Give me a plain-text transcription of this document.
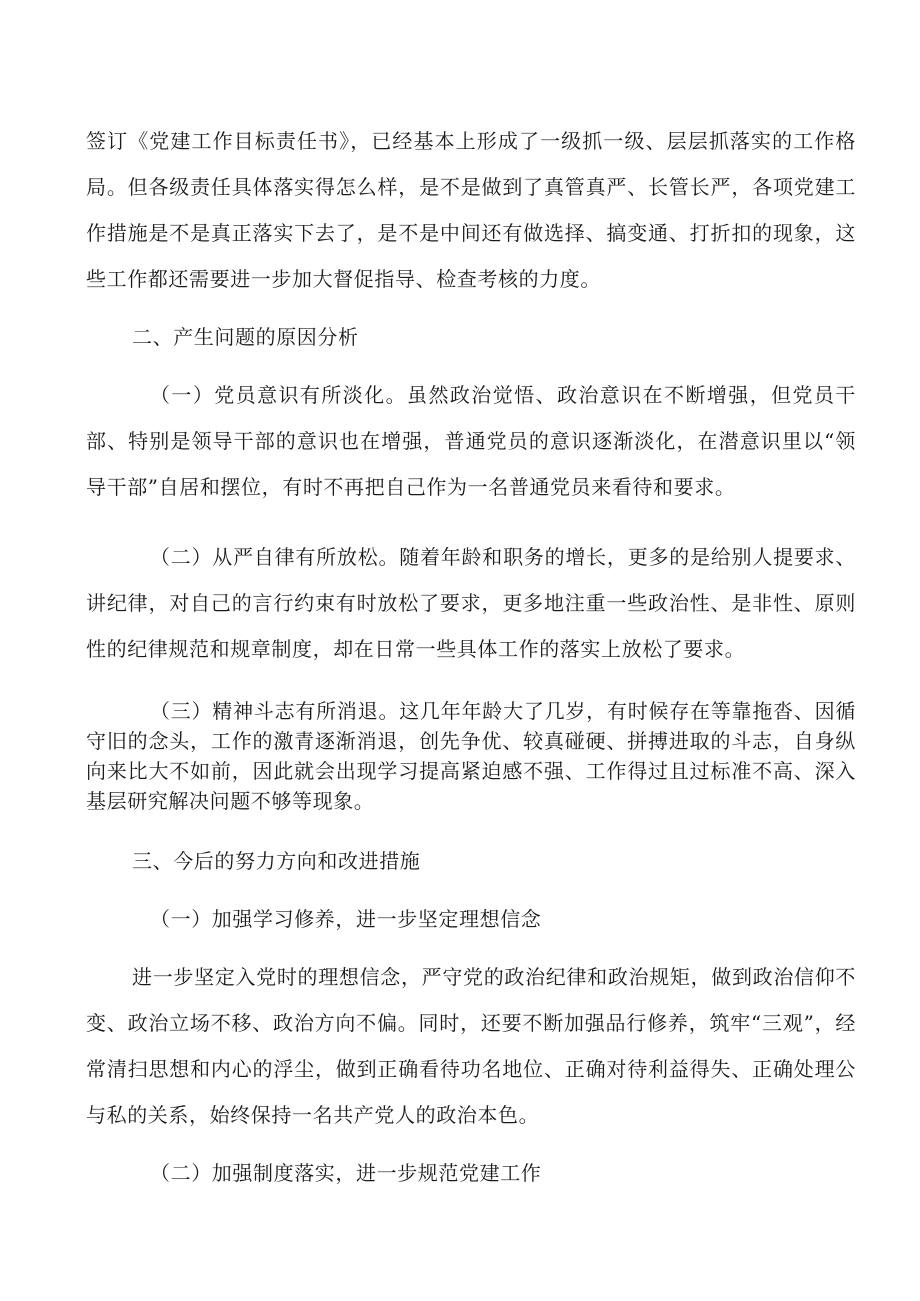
签订《党建工作目标责任书》，已经基本上形成了一级抓一级、层层抓落实的工作格局。但各级责任具体落实得怎么样，是不是做到了真管真严、长管长严，各项党建工作措施是不是真正落实下去了，是不是中间还有做选择、搞变通、打折扣的现象，这些工作都还需要进一步加大督促指导、检查考核的力度。

二、产生问题的原因分析

（一）党员意识有所淡化。虽然政治觉悟、政治意识在不断增强，但党员干部、特别是领导干部的意识也在增强，普通党员的意识逐渐淡化，在潜意识里以“领导干部”自居和摆位，有时不再把自己作为一名普通党员来看待和要求。

（二）从严自律有所放松。随着年龄和职务的增长，更多的是给别人提要求、讲纪律，对自己的言行约束有时放松了要求，更多地注重一些政治性、是非性、原则性的纪律规范和规章制度，却在日常一些具体工作的落实上放松了要求。

（三）精神斗志有所消退。这几年年龄大了几岁，有时候存在等靠拖沓、因循守旧的念头，工作的激青逐渐消退，创先争优、较真碰硬、拼搏进取的斗志，自身纵向来比大不如前，因此就会出现学习提高紧迫感不强、工作得过且过标准不高、深入基层研究解决问题不够等现象。

三、今后的努力方向和改进措施

（一）加强学习修养，进一步坚定理想信念

进一步坚定入党时的理想信念，严守党的政治纪律和政治规矩，做到政治信仰不变、政治立场不移、政治方向不偏。同时，还要不断加强品行修养，筑牢“三观”，经常清扫思想和内心的浮尘，做到正确看待功名地位、正确对待利益得失、正确处理公与私的关系，始终保持一名共产党人的政治本色。

（二）加强制度落实，进一步规范党建工作
